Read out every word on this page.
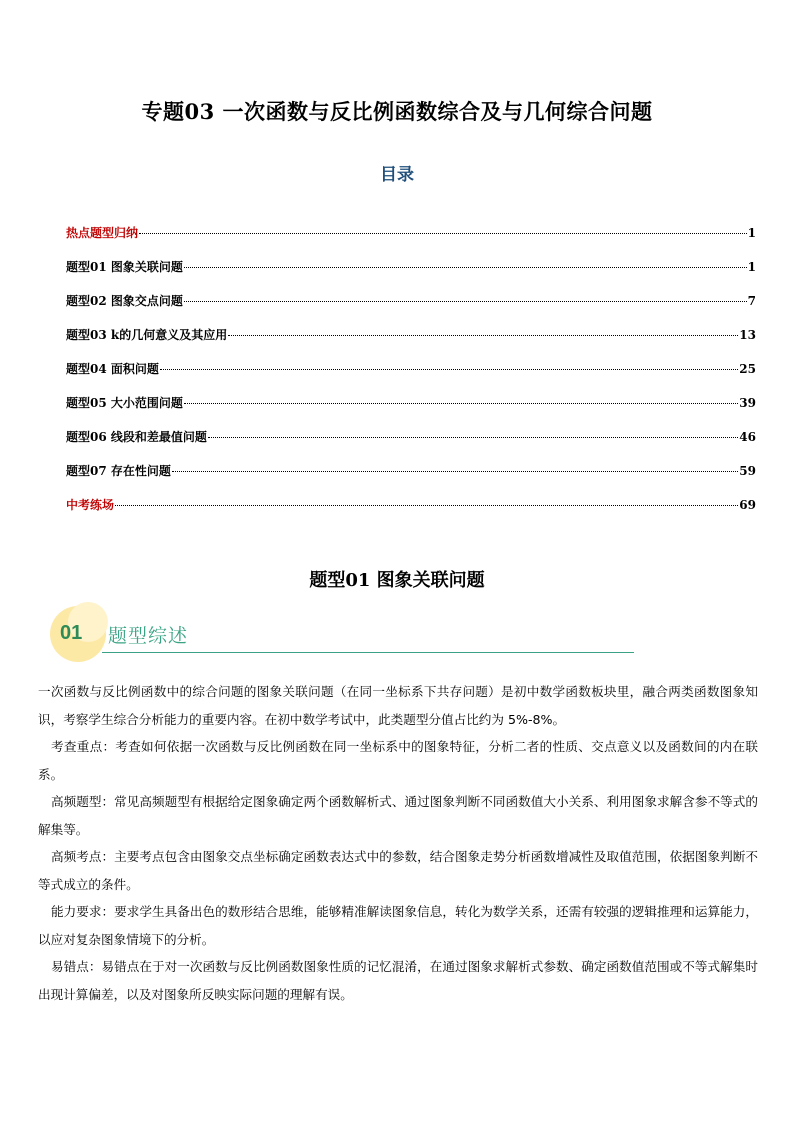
专题03 一次函数与反比例函数综合及与几何综合问题
目录
热点题型归纳	1
题型01 图象关联问题	1
题型02 图象交点问题	7
题型03 k的几何意义及其应用	13
题型04 面积问题	25
题型05 大小范围问题	39
题型06 线段和差最值问题	46
题型07 存在性问题	59
中考练场	69
题型01 图象关联问题
01 题型综述

一次函数与反比例函数中的综合问题的图象关联问题（在同一坐标系下共存问题）是初中数学函数板块里，融合两类函数图象知识，考察学生综合分析能力的重要内容。在初中数学考试中，此类题型分值占比约为 5%-8%。

考查重点：考查如何依据一次函数与反比例函数在同一坐标系中的图象特征，分析二者的性质、交点意义以及函数间的内在联系。

高频题型：常见高频题型有根据给定图象确定两个函数解析式、通过图象判断不同函数值大小关系、利用图象求解含参不等式的解集等。

高频考点：主要考点包含由图象交点坐标确定函数表达式中的参数，结合图象走势分析函数增减性及取值范围，依据图象判断不等式成立的条件。

能力要求：要求学生具备出色的数形结合思维，能够精准解读图象信息，转化为数学关系，还需有较强的逻辑推理和运算能力，以应对复杂图象情境下的分析。

易错点：易错点在于对一次函数与反比例函数图象性质的记忆混淆，在通过图象求解析式参数、确定函数值范围或不等式解集时出现计算偏差，以及对图象所反映实际问题的理解有误。
